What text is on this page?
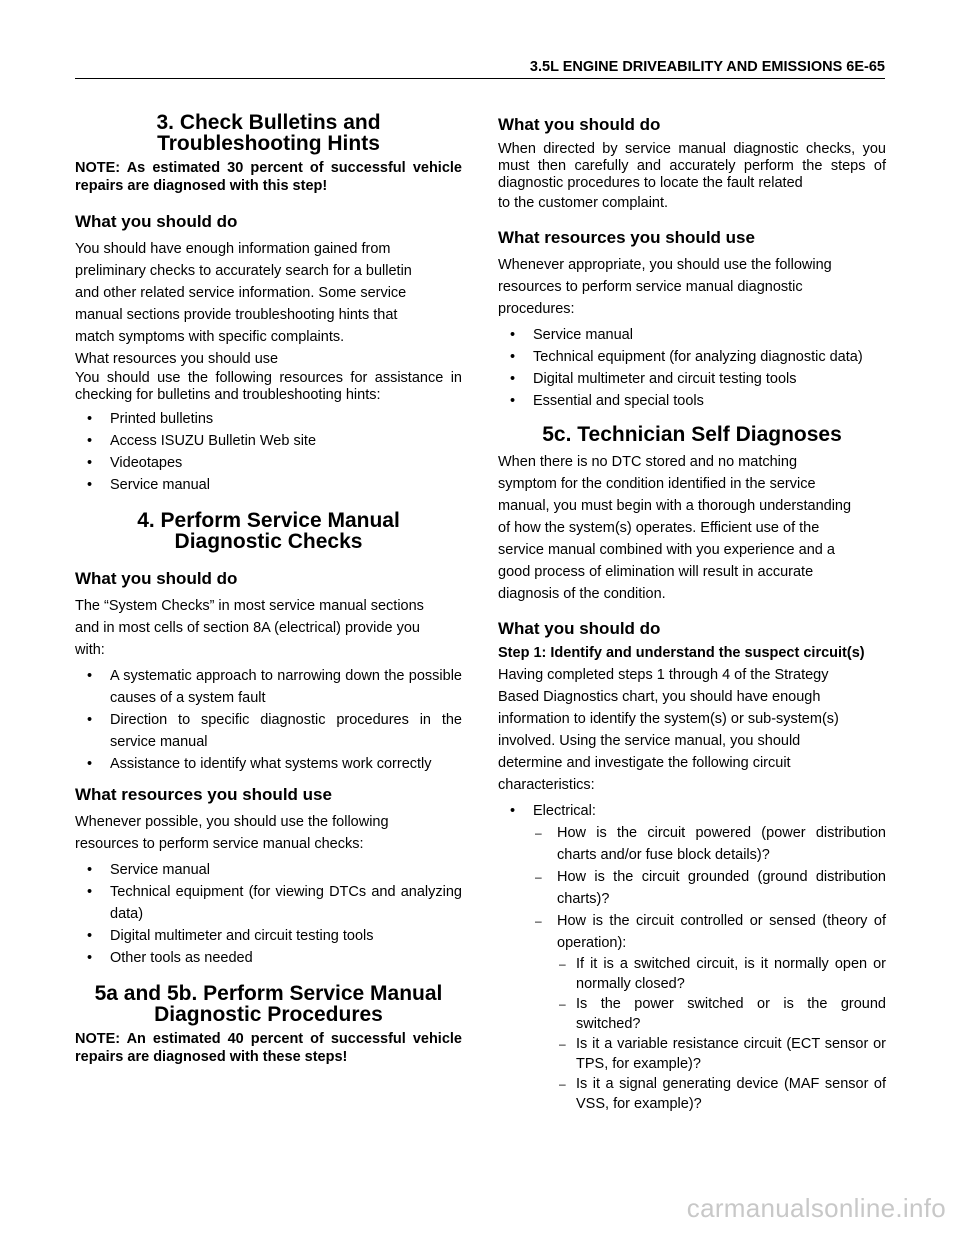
3.5L ENGINE DRIVEABILITY AND EMISSIONS 6E-65

3. Check Bulletins and
Troubleshooting Hints

NOTE: As estimated 30 percent of successful vehicle repairs are diagnosed with this step!

What you should do

You should have enough information gained from
preliminary checks to accurately search for a bulletin
and other related service information. Some service
manual sections provide troubleshooting hints that
match symptoms with specific complaints.

What resources you should use

You should use the following resources for assistance in checking for bulletins and troubleshooting hints:

• Printed bulletins
• Access ISUZU Bulletin Web site
• Videotapes
• Service manual

4. Perform Service Manual
Diagnostic Checks

What you should do

The “System Checks” in most service manual sections
and in most cells of section 8A (electrical) provide you
with:

• A systematic approach to narrowing down the possible causes of a system fault
• Direction to specific diagnostic procedures in the service manual
• Assistance to identify what systems work correctly

What resources you should use

Whenever possible, you should use the following
resources to perform service manual checks:

• Service manual
• Technical equipment (for viewing DTCs and analyzing data)
• Digital multimeter and circuit testing tools
• Other tools as needed

5a and 5b. Perform Service Manual
Diagnostic Procedures

NOTE: An estimated 40 percent of successful vehicle repairs are diagnosed with these steps!

What you should do

When directed by service manual diagnostic checks, you must then carefully and accurately perform the steps of diagnostic procedures to locate the fault related

to the customer complaint.

What resources you should use

Whenever appropriate, you should use the following
resources to perform service manual diagnostic
procedures:

• Service manual
• Technical equipment (for analyzing diagnostic data)
• Digital multimeter and circuit testing tools
• Essential and special tools

5c. Technician Self Diagnoses

When there is no DTC stored and no matching
symptom for the condition identified in the service
manual, you must begin with a thorough understanding
of how the system(s) operates. Efficient use of the
service manual combined with you experience and a
good process of elimination will result in accurate
diagnosis of the condition.

What you should do

Step 1: Identify and understand the suspect circuit(s)

Having completed steps 1 through 4 of the Strategy
Based Diagnostics chart, you should have enough
information to identify the system(s) or sub-system(s)
involved. Using the service manual, you should
determine and investigate the following circuit
characteristics:

• Electrical:
– How is the circuit powered (power distribution charts and/or fuse block details)?
– How is the circuit grounded (ground distribution charts)?
– How is the circuit controlled or sensed (theory of operation):
– If it is a switched circuit, is it normally open or normally closed?
– Is the power switched or is the ground switched?
– Is it a variable resistance circuit (ECT sensor or TPS, for example)?
– Is it a signal generating device (MAF sensor of VSS, for example)?
carmanualsonline.info
